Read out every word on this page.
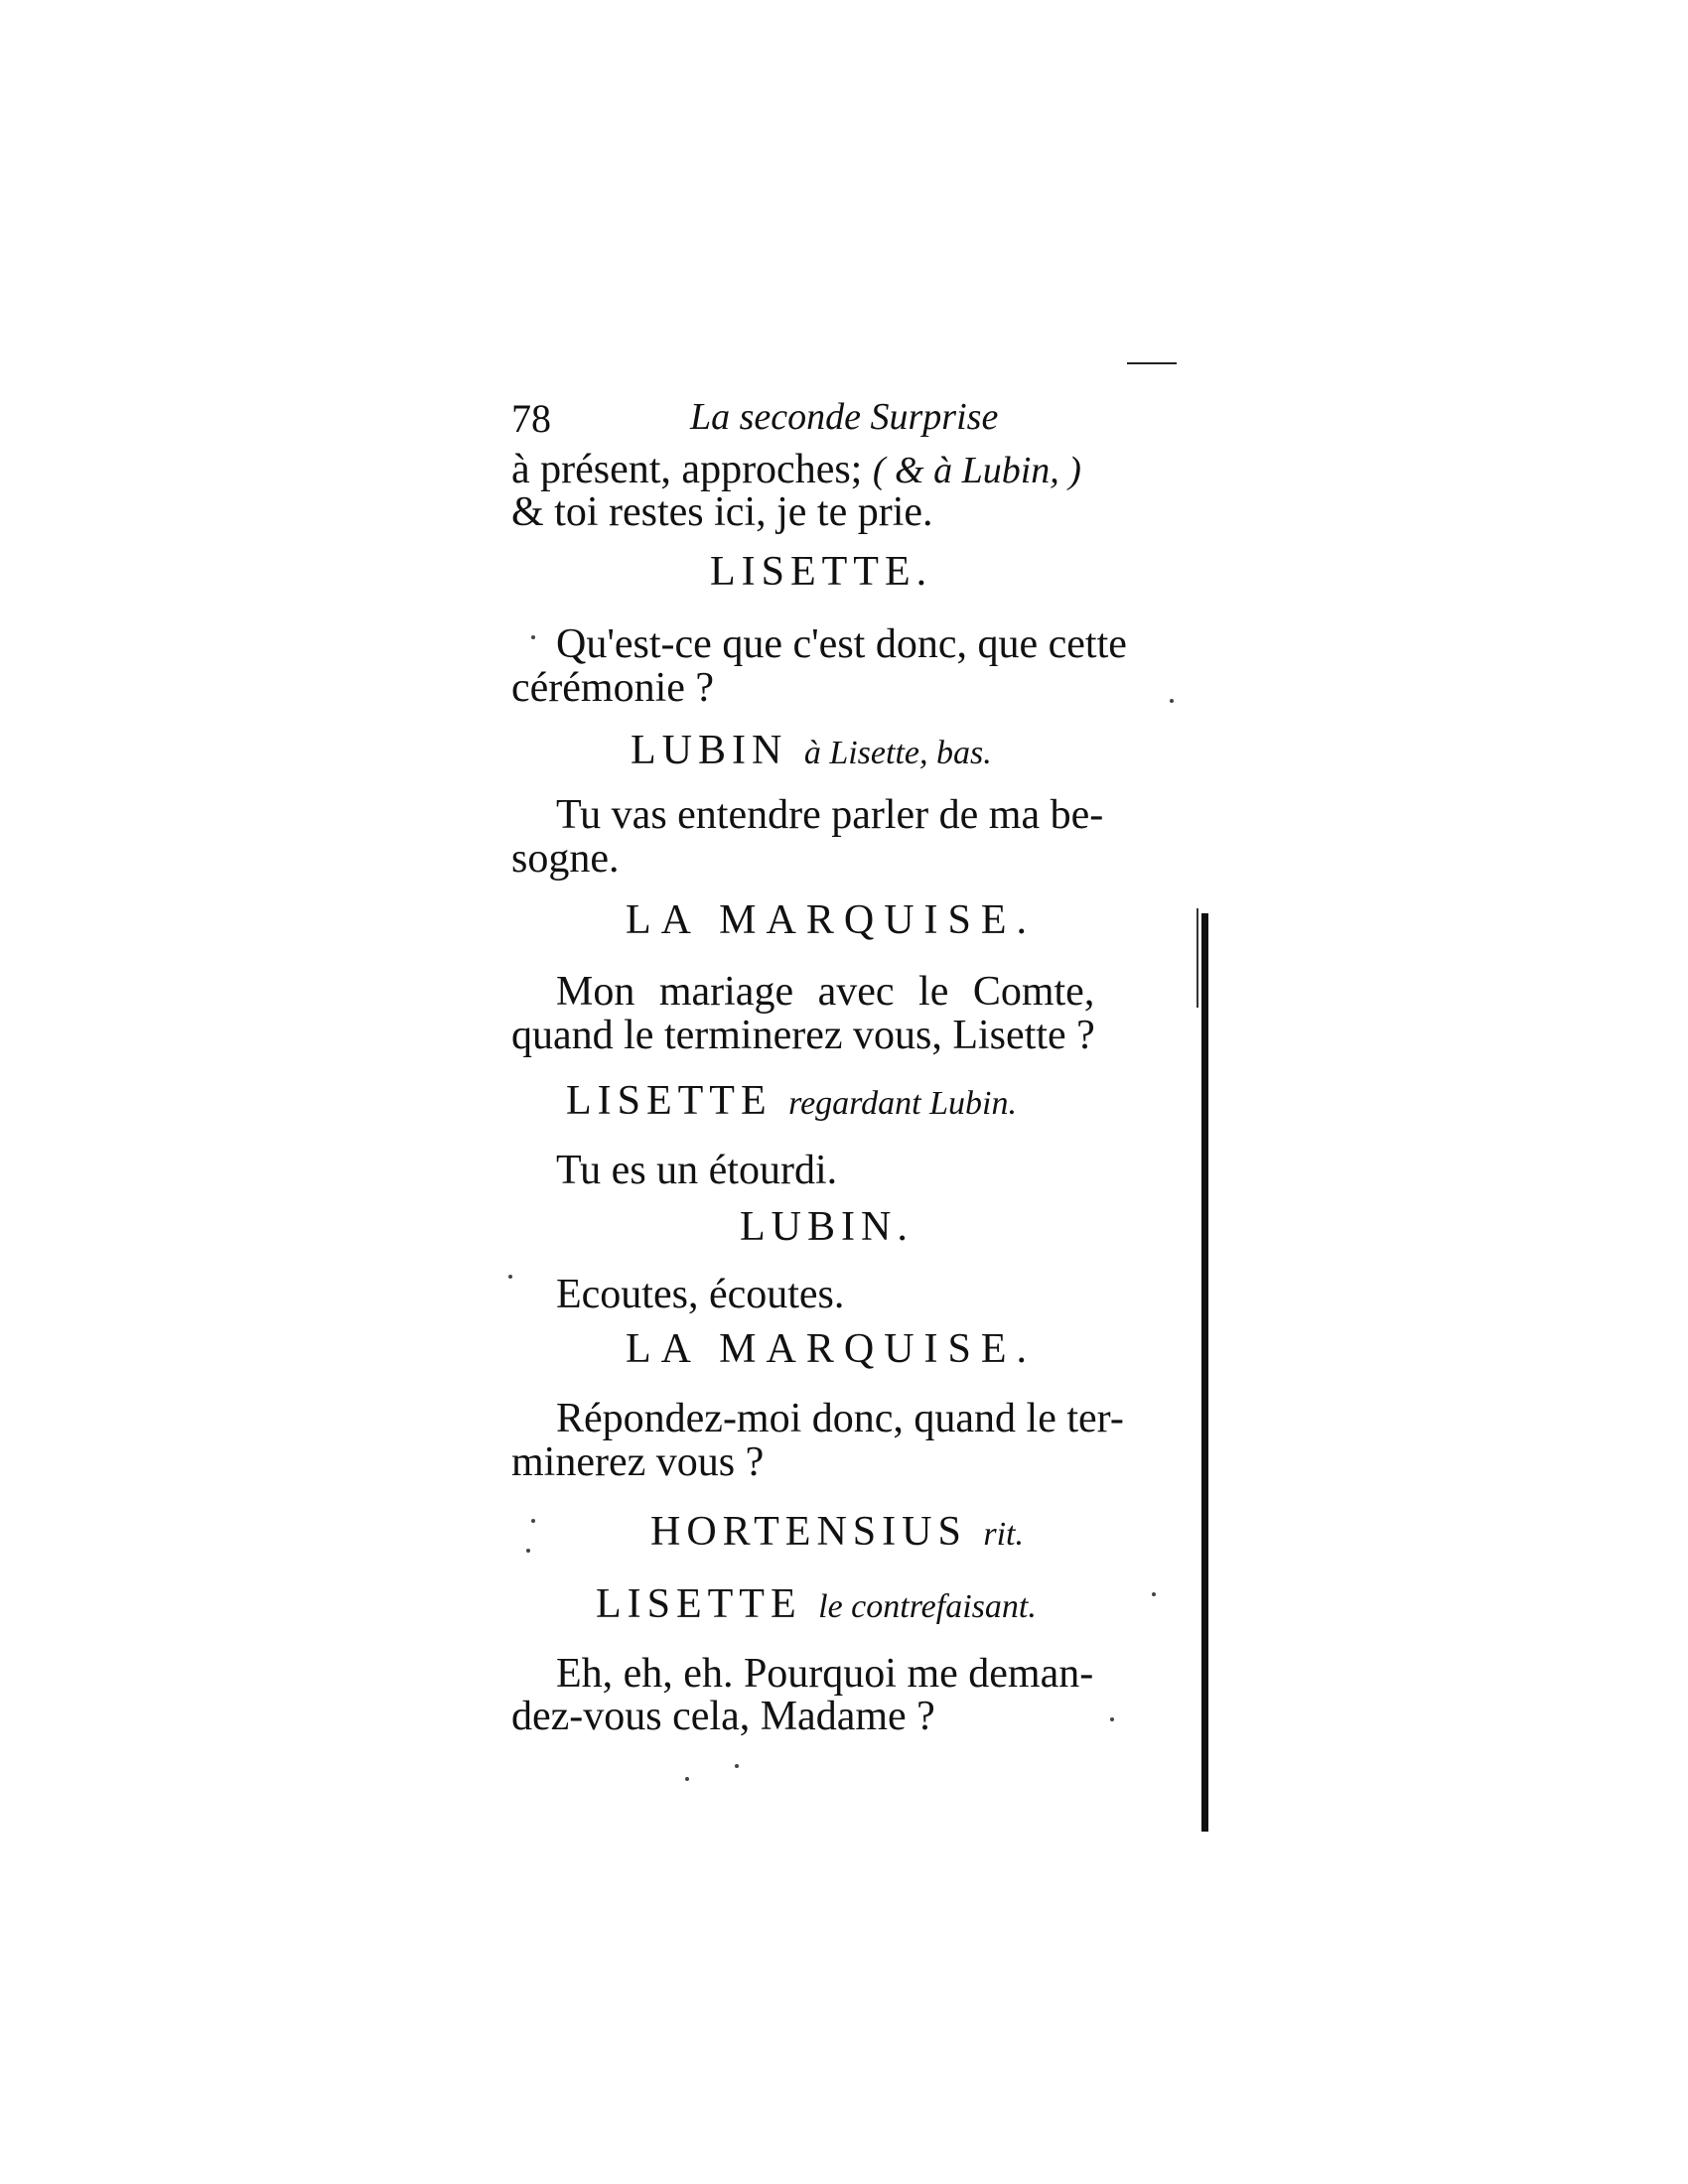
78	La seconde Surprise
à présent, approches; ( & à Lubin, )
& toi restes ici, je te prie.
LISETTE.
Qu'est-ce que c'est donc, que cette
cérémonie ?
LUBIN à Lisette, bas.
Tu vas entendre parler de ma be-
sogne.
LA MARQUISE.
Mon mariage avec le Comte,
quand le terminerez vous, Lisette ?
LISETTE regardant Lubin.
Tu es un étourdi.
LUBIN.
Ecoutes, écoutes.
LA MARQUISE.
Répondez-moi donc, quand le ter-
minerez vous ?
HORTENSIUS rit.
LISETTE le contrefaisant.
Eh, eh, eh. Pourquoi me deman-
dez-vous cela, Madame ?
